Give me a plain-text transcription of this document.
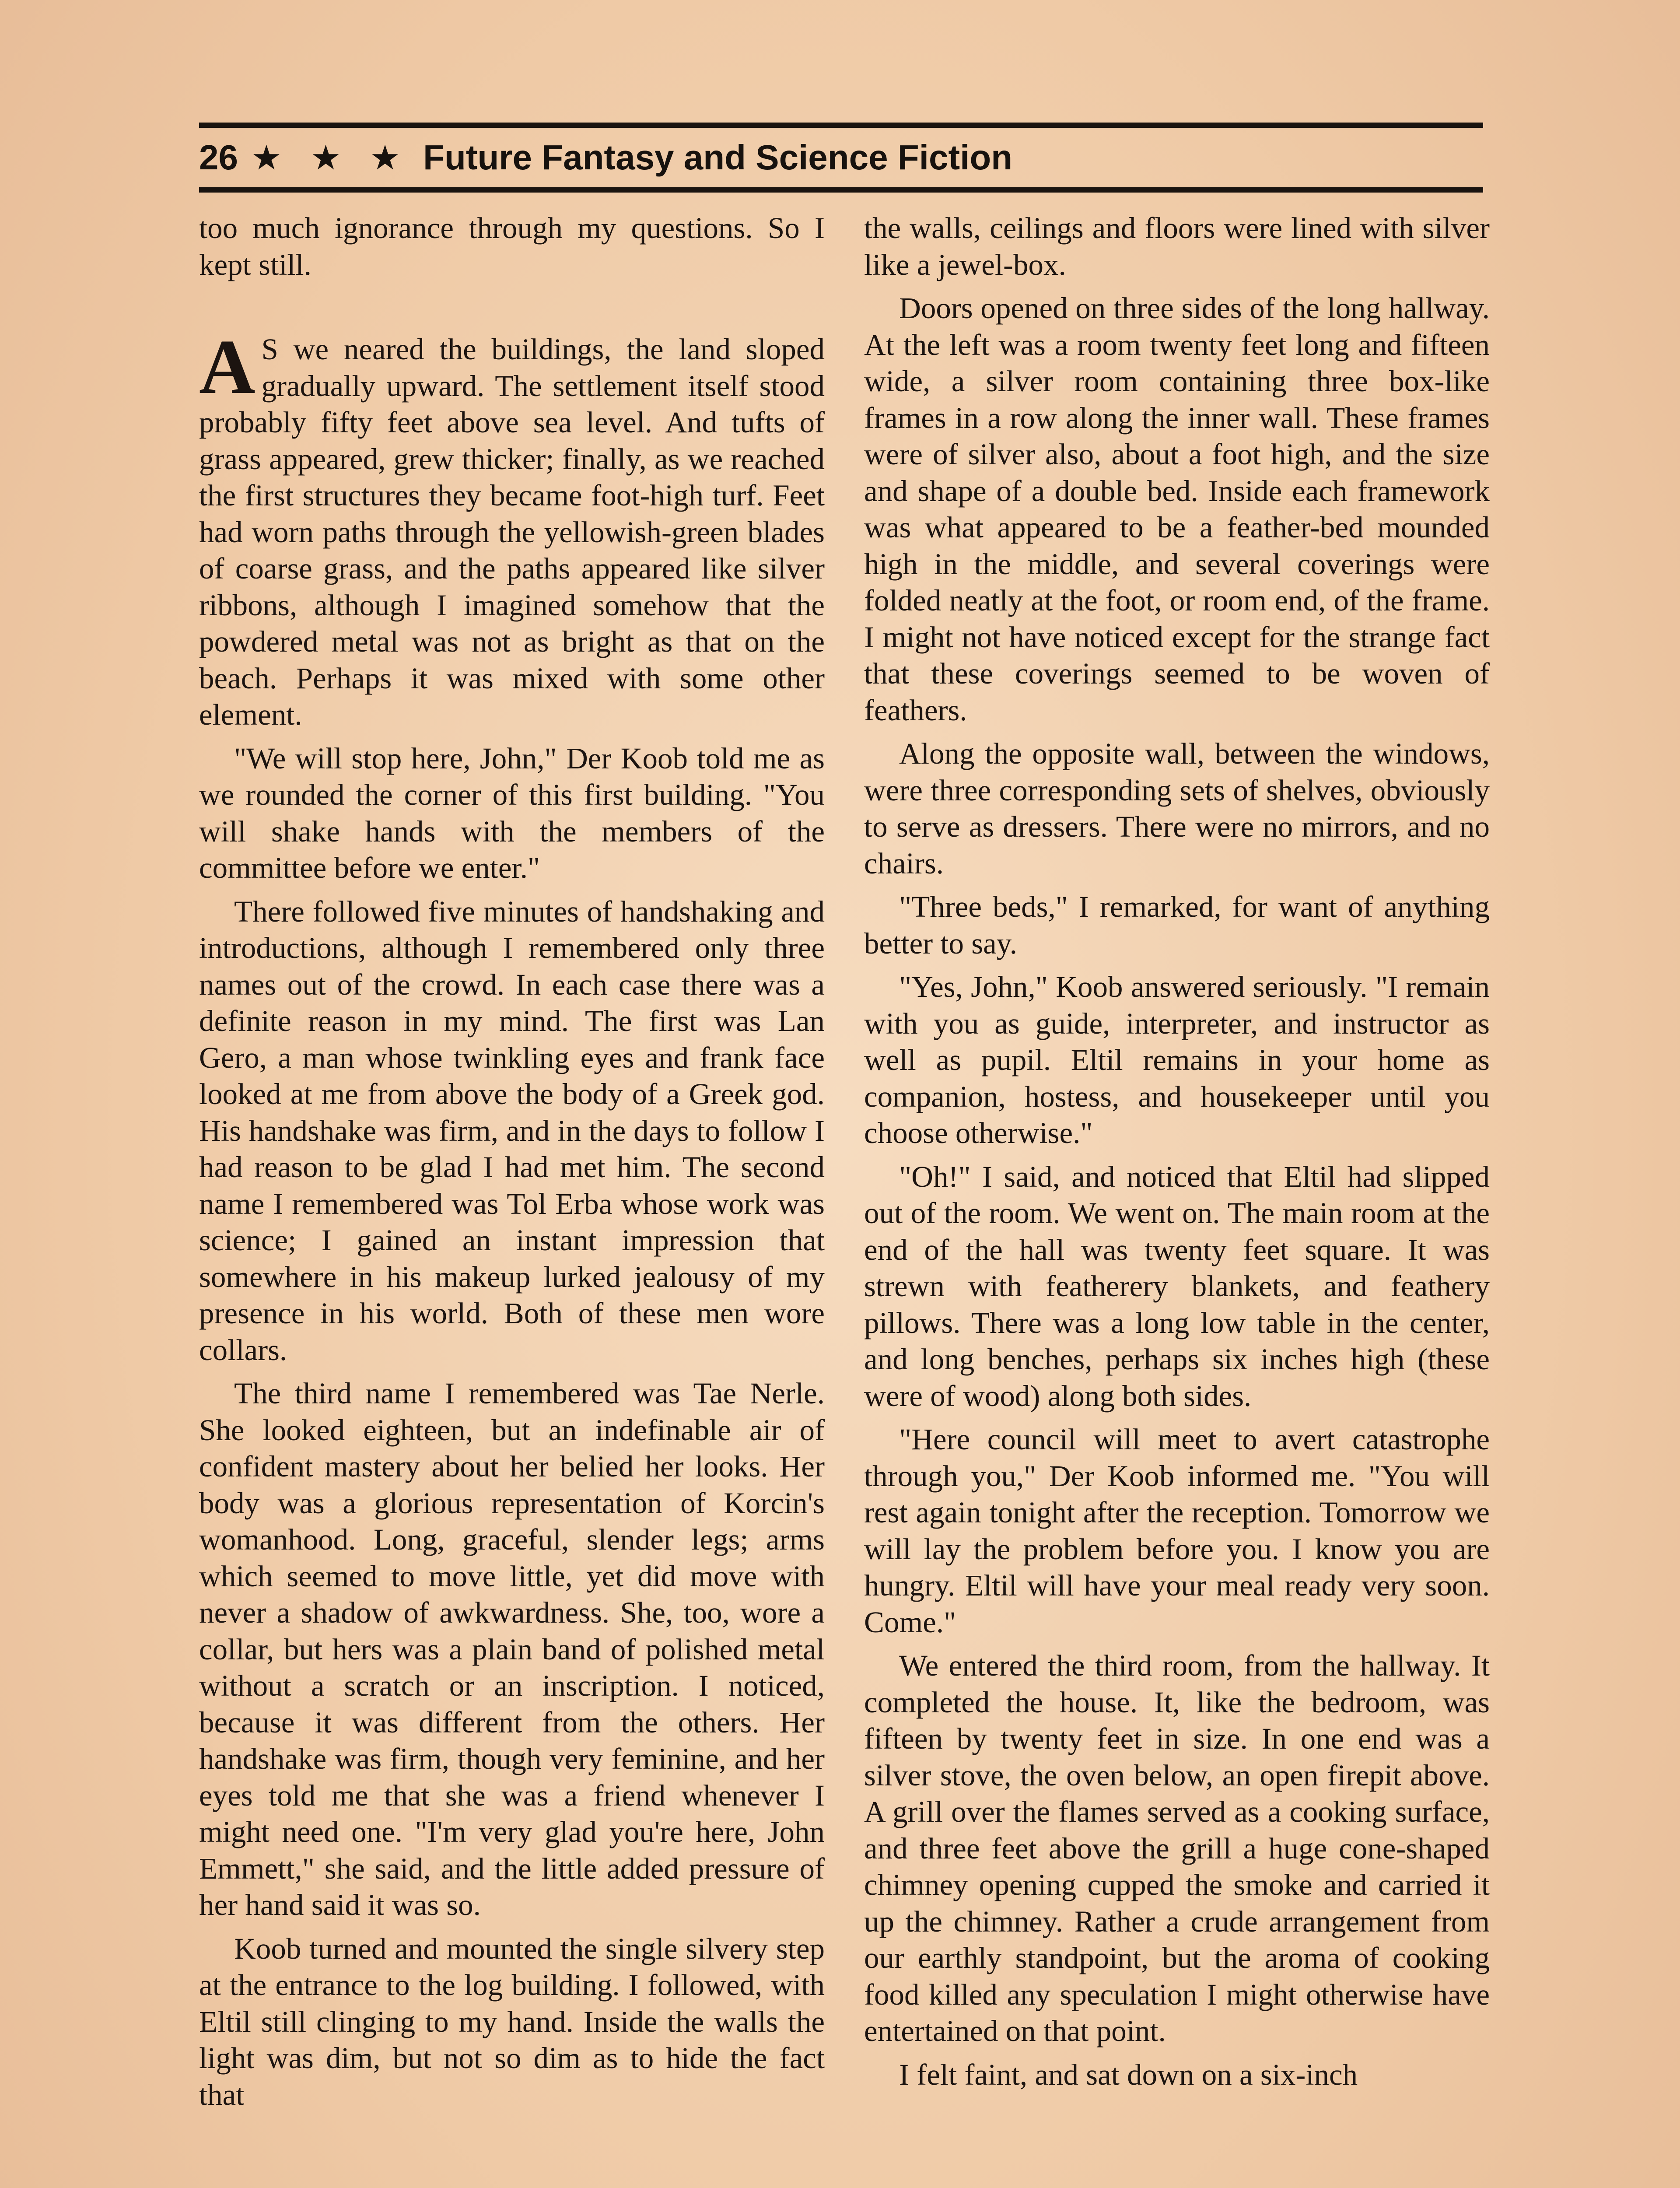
26 ★ ★ ★ Future Fantasy and Science Fiction

too much ignorance through my questions. So I kept still.

A S we neared the buildings, the land sloped gradually upward. The settlement itself stood probably fifty feet above sea level. And tufts of grass appeared, grew thicker; finally, as we reached the first structures they became foot-high turf. Feet had worn paths through the yellowish-green blades of coarse grass, and the paths appeared like silver ribbons, although I imagined somehow that the powdered metal was not as bright as that on the beach. Perhaps it was mixed with some other element.

"We will stop here, John," Der Koob told me as we rounded the corner of this first building. "You will shake hands with the members of the committee before we enter."

There followed five minutes of handshaking and introductions, although I remembered only three names out of the crowd. In each case there was a definite reason in my mind. The first was Lan Gero, a man whose twinkling eyes and frank face looked at me from above the body of a Greek god. His handshake was firm, and in the days to follow I had reason to be glad I had met him. The second name I remembered was Tol Erba whose work was science; I gained an instant impression that somewhere in his makeup lurked jealousy of my presence in his world. Both of these men wore collars.

The third name I remembered was Tae Nerle. She looked eighteen, but an indefinable air of confident mastery about her belied her looks. Her body was a glorious representation of Korcin's womanhood. Long, graceful, slender legs; arms which seemed to move little, yet did move with never a shadow of awkwardness. She, too, wore a collar, but hers was a plain band of polished metal without a scratch or an inscription. I noticed, because it was different from the others. Her handshake was firm, though very feminine, and her eyes told me that she was a friend whenever I might need one. "I'm very glad you're here, John Emmett," she said, and the little added pressure of her hand said it was so.

Koob turned and mounted the single silvery step at the entrance to the log building. I followed, with Eltil still clinging to my hand. Inside the walls the light was dim, but not so dim as to hide the fact that

the walls, ceilings and floors were lined with silver like a jewel-box.

Doors opened on three sides of the long hallway. At the left was a room twenty feet long and fifteen wide, a silver room containing three box-like frames in a row along the inner wall. These frames were of silver also, about a foot high, and the size and shape of a double bed. Inside each framework was what appeared to be a feather-bed mounded high in the middle, and several coverings were folded neatly at the foot, or room end, of the frame. I might not have noticed except for the strange fact that these coverings seemed to be woven of feathers.

Along the opposite wall, between the windows, were three corresponding sets of shelves, obviously to serve as dressers. There were no mirrors, and no chairs.

"Three beds," I remarked, for want of anything better to say.

"Yes, John," Koob answered seriously. "I remain with you as guide, interpreter, and instructor as well as pupil. Eltil remains in your home as companion, hostess, and housekeeper until you choose otherwise."

"Oh!" I said, and noticed that Eltil had slipped out of the room. We went on. The main room at the end of the hall was twenty feet square. It was strewn with featherery blankets, and feathery pillows. There was a long low table in the center, and long benches, perhaps six inches high (these were of wood) along both sides.

"Here council will meet to avert catastrophe through you," Der Koob informed me. "You will rest again tonight after the reception. Tomorrow we will lay the problem before you. I know you are hungry. Eltil will have your meal ready very soon. Come."

We entered the third room, from the hallway. It completed the house. It, like the bedroom, was fifteen by twenty feet in size. In one end was a silver stove, the oven below, an open firepit above. A grill over the flames served as a cooking surface, and three feet above the grill a huge cone-shaped chimney opening cupped the smoke and carried it up the chimney. Rather a crude arrangement from our earthly standpoint, but the aroma of cooking food killed any speculation I might otherwise have entertained on that point.

I felt faint, and sat down on a six-inch
